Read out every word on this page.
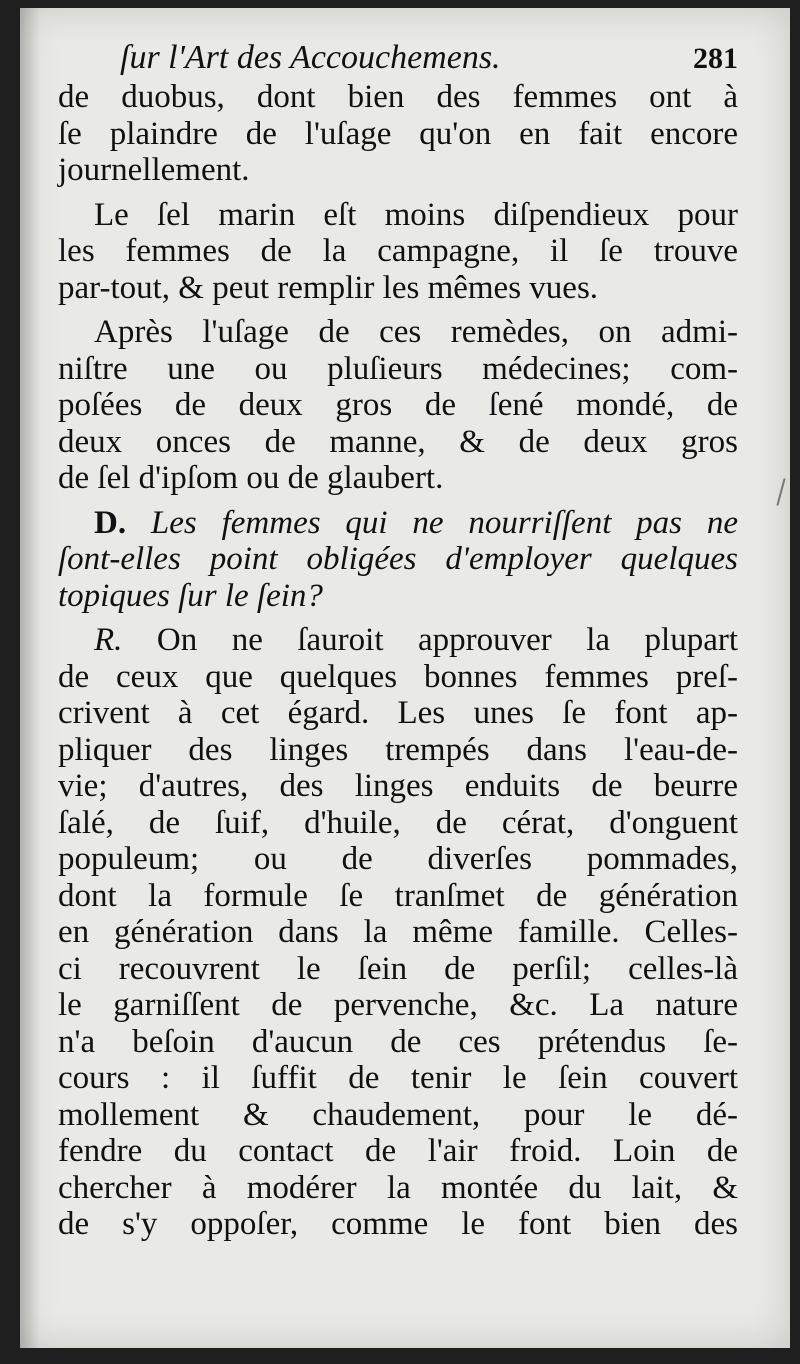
ſur l'Art des Accouchemens.	281

de duobus, dont bien des femmes ont à
ſe plaindre de l'uſage qu'on en fait encore
journellement.

Le ſel marin eſt moins diſpendieux pour
les femmes de la campagne, il ſe trouve
par-tout, & peut remplir les mêmes vues.

Après l'uſage de ces remèdes, on admi-
niſtre une ou pluſieurs médecines; com-
poſées de deux gros de ſené mondé, de
deux onces de manne, & de deux gros
de ſel d'ipſom ou de glaubert.

D. Les femmes qui ne nourriſſent pas ne
ſont-elles point obligées d'employer quelques
topiques ſur le ſein?

R. On ne ſauroit approuver la plupart
de ceux que quelques bonnes femmes preſ-
crivent à cet égard. Les unes ſe font ap-
pliquer des linges trempés dans l'eau-de-
vie; d'autres, des linges enduits de beurre
ſalé, de ſuif, d'huile, de cérat, d'onguent
populeum; ou de diverſes pommades,
dont la formule ſe tranſmet de génération
en génération dans la même famille. Celles-
ci recouvrent le ſein de perſil; celles-là
le garniſſent de pervenche, &c. La nature
n'a beſoin d'aucun de ces prétendus ſe-
cours : il ſuffit de tenir le ſein couvert
mollement & chaudement, pour le dé-
fendre du contact de l'air froid. Loin de
chercher à modérer la montée du lait, &
de s'y oppoſer, comme le font bien des
